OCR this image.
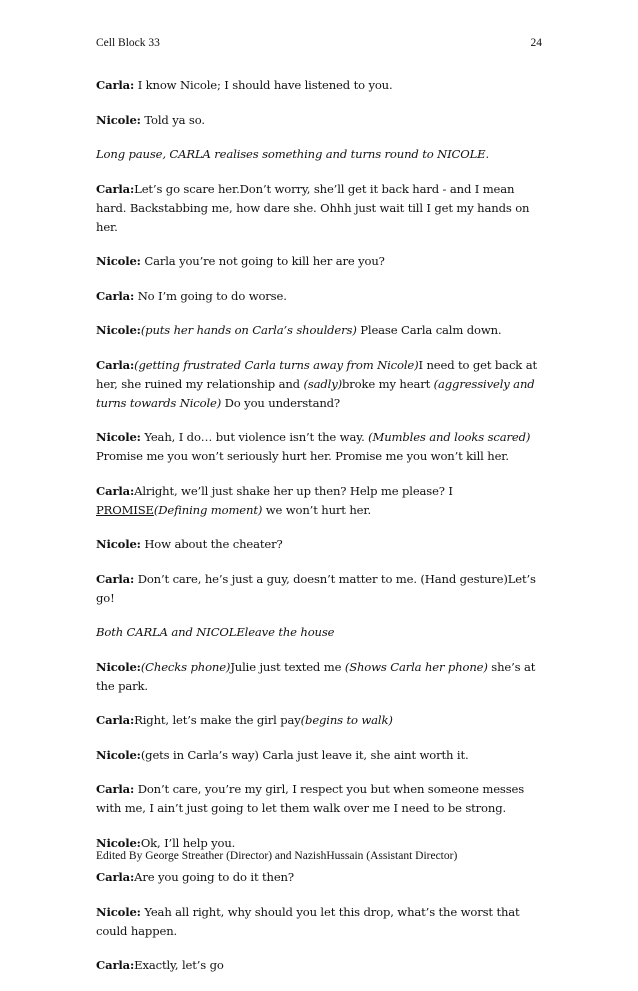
Cell Block 33	24

Carla: I know Nicole; I should have listened to you.

Nicole: Told ya so.

Long pause, CARLA realises something and turns round to NICOLE.

Carla:Let’s go scare her.Don’t worry, she’ll get it back hard - and I mean hard. Backstabbing me, how dare she. Ohhh just wait till I get my hands on her.

Nicole: Carla you’re not going to kill her are you?

Carla: No I’m going to do worse.

Nicole:(puts her hands on Carla’s shoulders) Please Carla calm down.

Carla:(getting frustrated Carla turns away from Nicole)I need to get back at her, she ruined my relationship and (sadly)broke my heart (aggressively and turns towards Nicole) Do you understand?

Nicole: Yeah, I do… but violence isn’t the way. (Mumbles and looks scared) Promise me you won’t seriously hurt her. Promise me you won’t kill her.

Carla:Alright, we’ll just shake her up then? Help me please? I PROMISE(Defining moment) we won’t hurt her.

Nicole: How about the cheater?

Carla: Don’t care, he’s just a guy, doesn’t matter to me. (Hand gesture)Let’s go!

Both CARLA and NICOLEleave the house

Nicole:(Checks phone)Julie just texted me (Shows Carla her phone) she’s at the park.

Carla:Right, let’s make the girl pay(begins to walk)

Nicole:(gets in Carla’s way) Carla just leave it, she aint worth it.

Carla: Don’t care, you’re my girl, I respect you but when someone messes with me, I ain’t just going to let them walk over me I need to be strong.

Nicole:Ok, I’ll help you.

Carla:Are you going to do it then?

Nicole: Yeah all right, why should you let this drop, what’s the worst that could happen.

Carla:Exactly, let’s go

Edited By George Streather (Director) and NazishHussain (Assistant Director)
